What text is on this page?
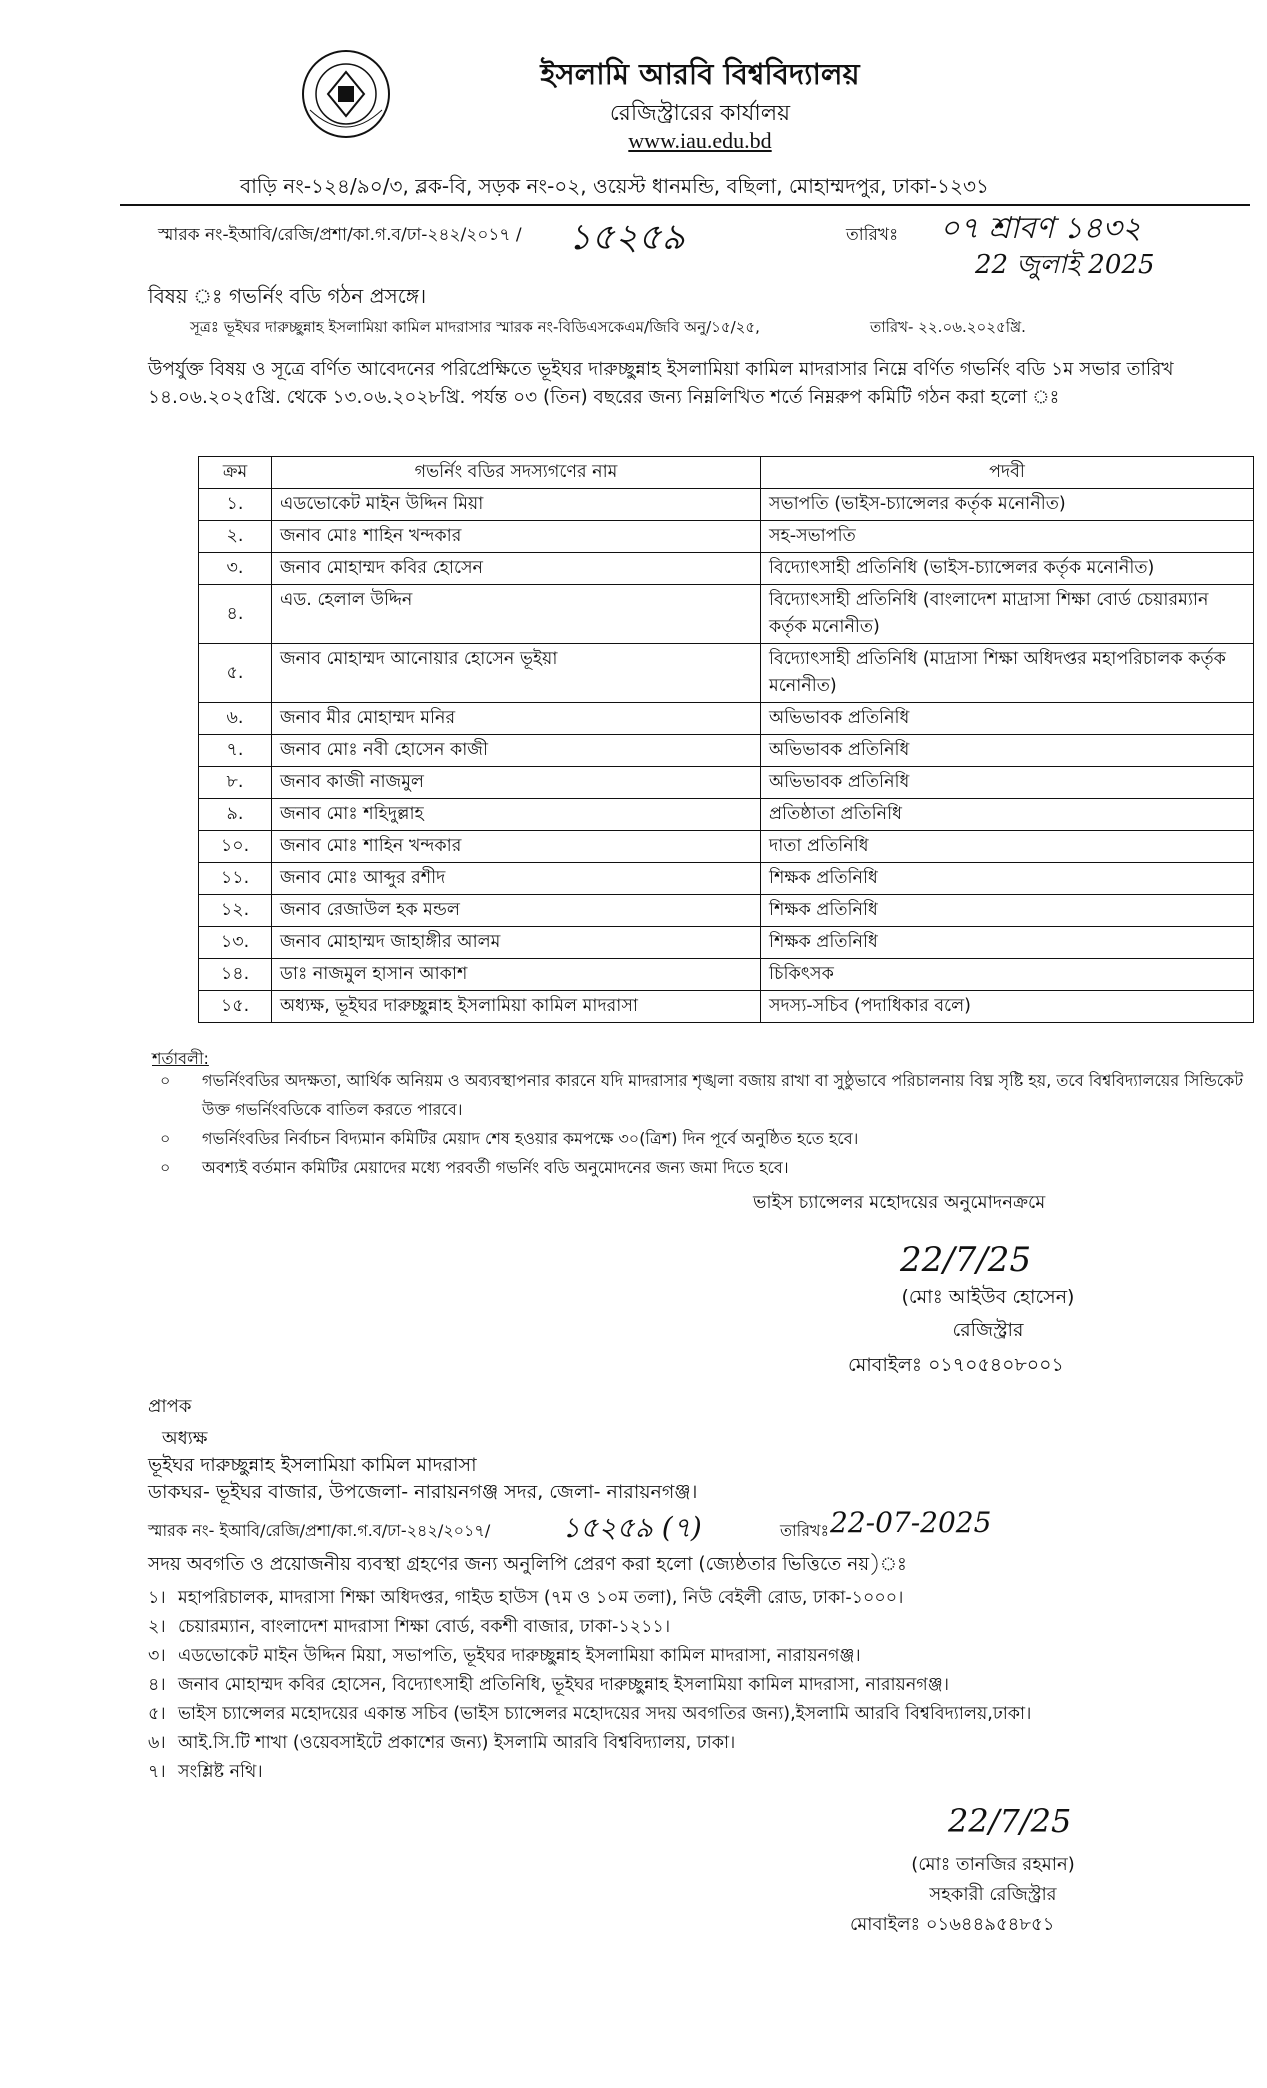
ইসলামি আরবি বিশ্ববিদ্যালয়
রেজিস্ট্রারের কার্যালয়
www.iau.edu.bd
বাড়ি নং-১২৪/৯০/৩, ব্লক-বি, সড়ক নং-০২, ওয়েস্ট ধানমন্ডি, বছিলা, মোহাম্মদপুর, ঢাকা-১২৩১
স্মারক নং-ইআবি/রেজি/প্রশা/কা.গ.ব/ঢা-২৪২/২০১৭ / ১৫২৫৯	তারিখঃ ০৭ শ্রাবণ ১৪৩২
22 জুলাই 2025
বিষয় ঃ গভর্নিং বডি গঠন প্রসঙ্গে।
সূত্রঃ ভূইঘর দারুচ্ছুন্নাহ ইসলামিয়া কামিল মাদরাসার স্মারক নং-বিডিএসকেএম/জিবি অনু/১৫/২৫,	তারিখ- ২২.০৬.২০২৫খ্রি.
উপর্যুক্ত বিষয় ও সূত্রে বর্ণিত আবেদনের পরিপ্রেক্ষিতে ভূইঘর দারুচ্ছুন্নাহ ইসলামিয়া কামিল মাদরাসার নিম্নে বর্ণিত গভর্নিং বডি ১ম সভার তারিখ ১৪.০৬.২০২৫খ্রি. থেকে ১৩.০৬.২০২৮খ্রি. পর্যন্ত ০৩ (তিন) বছরের জন্য নিম্নলিখিত শর্তে নিম্নরুপ কমিটি গঠন করা হলো ঃ
ক্রম	গভর্নিং বডির সদস্যগণের নাম	পদবী
১.	এডভোকেট মাইন উদ্দিন মিয়া	সভাপতি (ভাইস-চ্যান্সেলর কর্তৃক মনোনীত)
২.	জনাব মোঃ শাহিন খন্দকার	সহ-সভাপতি
৩.	জনাব মোহাম্মদ কবির হোসেন	বিদ্যোৎসাহী প্রতিনিধি (ভাইস-চ্যান্সেলর কর্তৃক মনোনীত)
৪.	এড. হেলাল উদ্দিন	বিদ্যোৎসাহী প্রতিনিধি (বাংলাদেশ মাদ্রাসা শিক্ষা বোর্ড চেয়ারম্যান কর্তৃক মনোনীত)
৫.	জনাব মোহাম্মদ আনোয়ার হোসেন ভূইয়া	বিদ্যোৎসাহী প্রতিনিধি (মাদ্রাসা শিক্ষা অধিদপ্তর মহাপরিচালক কর্তৃক মনোনীত)
৬.	জনাব মীর মোহাম্মদ মনির	অভিভাবক প্রতিনিধি
৭.	জনাব মোঃ নবী হোসেন কাজী	অভিভাবক প্রতিনিধি
৮.	জনাব কাজী নাজমুল	অভিভাবক প্রতিনিধি
৯.	জনাব মোঃ শহিদুল্লাহ	প্রতিষ্ঠাতা প্রতিনিধি
১০.	জনাব মোঃ শাহিন খন্দকার	দাতা প্রতিনিধি
১১.	জনাব মোঃ আব্দুর রশীদ	শিক্ষক প্রতিনিধি
১২.	জনাব রেজাউল হক মন্ডল	শিক্ষক প্রতিনিধি
১৩.	জনাব মোহাম্মদ জাহাঙ্গীর আলম	শিক্ষক প্রতিনিধি
১৪.	ডাঃ নাজমুল হাসান আকাশ	চিকিৎসক
১৫.	অধ্যক্ষ, ভূইঘর দারুচ্ছুন্নাহ ইসলামিয়া কামিল মাদরাসা	সদস্য-সচিব (পদাধিকার বলে)
শর্তাবলী:
০ গভর্নিংবডির অদক্ষতা, আর্থিক অনিয়ম ও অব্যবস্থাপনার কারনে যদি মাদরাসার শৃঙ্খলা বজায় রাখা বা সুষ্ঠুভাবে পরিচালনায় বিঘ্ন সৃষ্টি হয়, তবে বিশ্ববিদ্যালয়ের সিন্ডিকেট উক্ত গভর্নিংবডিকে বাতিল করতে পারবে।
০ গভর্নিংবডির নির্বাচন বিদ্যমান কমিটির মেয়াদ শেষ হওয়ার কমপক্ষে ৩০(ত্রিশ) দিন পূর্বে অনুষ্ঠিত হতে হবে।
০ অবশ্যই বর্তমান কমিটির মেয়াদের মধ্যে পরবর্তী গভর্নিং বডি অনুমোদনের জন্য জমা দিতে হবে।
ভাইস চ্যান্সেলর মহোদয়ের অনুমোদনক্রমে
22/7/25
(মোঃ আইউব হোসেন)
রেজিস্ট্রার
মোবাইলঃ ০১৭০৫৪০৮০০১
প্রাপক
অধ্যক্ষ
ভূইঘর দারুচ্ছুন্নাহ ইসলামিয়া কামিল মাদরাসা
ডাকঘর- ভূইঘর বাজার, উপজেলা- নারায়নগঞ্জ সদর, জেলা- নারায়নগঞ্জ।
স্মারক নং- ইআবি/রেজি/প্রশা/কা.গ.ব/ঢা-২৪২/২০১৭/	১৫২৫৯ (৭)	তারিখঃ 22-07-2025
সদয় অবগতি ও প্রয়োজনীয় ব্যবস্থা গ্রহণের জন্য অনুলিপি প্রেরণ করা হলো (জ্যেষ্ঠতার ভিত্তিতে নয়)ঃ
১। মহাপরিচালক, মাদরাসা শিক্ষা অধিদপ্তর, গাইড হাউস (৭ম ও ১০ম তলা), নিউ বেইলী রোড, ঢাকা-১০০০।
২। চেয়ারম্যান, বাংলাদেশ মাদরাসা শিক্ষা বোর্ড, বকশী বাজার, ঢাকা-১২১১।
৩। এডভোকেট মাইন উদ্দিন মিয়া, সভাপতি, ভূইঘর দারুচ্ছুন্নাহ ইসলামিয়া কামিল মাদরাসা, নারায়নগঞ্জ।
৪। জনাব মোহাম্মদ কবির হোসেন, বিদ্যোৎসাহী প্রতিনিধি, ভূইঘর দারুচ্ছুন্নাহ ইসলামিয়া কামিল মাদরাসা, নারায়নগঞ্জ।
৫। ভাইস চ্যান্সেলর মহোদয়ের একান্ত সচিব (ভাইস চ্যান্সেলর মহোদয়ের সদয় অবগতির জন্য),ইসলামি আরবি বিশ্ববিদ্যালয়,ঢাকা।
৬। আই.সি.টি শাখা (ওয়েবসাইটে প্রকাশের জন্য) ইসলামি আরবি বিশ্ববিদ্যালয়, ঢাকা।
৭। সংশ্লিষ্ট নথি।
22/7/25
(মোঃ তানজির রহমান)
সহকারী রেজিস্ট্রার
মোবাইলঃ ০১৬৪৪৯৫৪৮৫১
